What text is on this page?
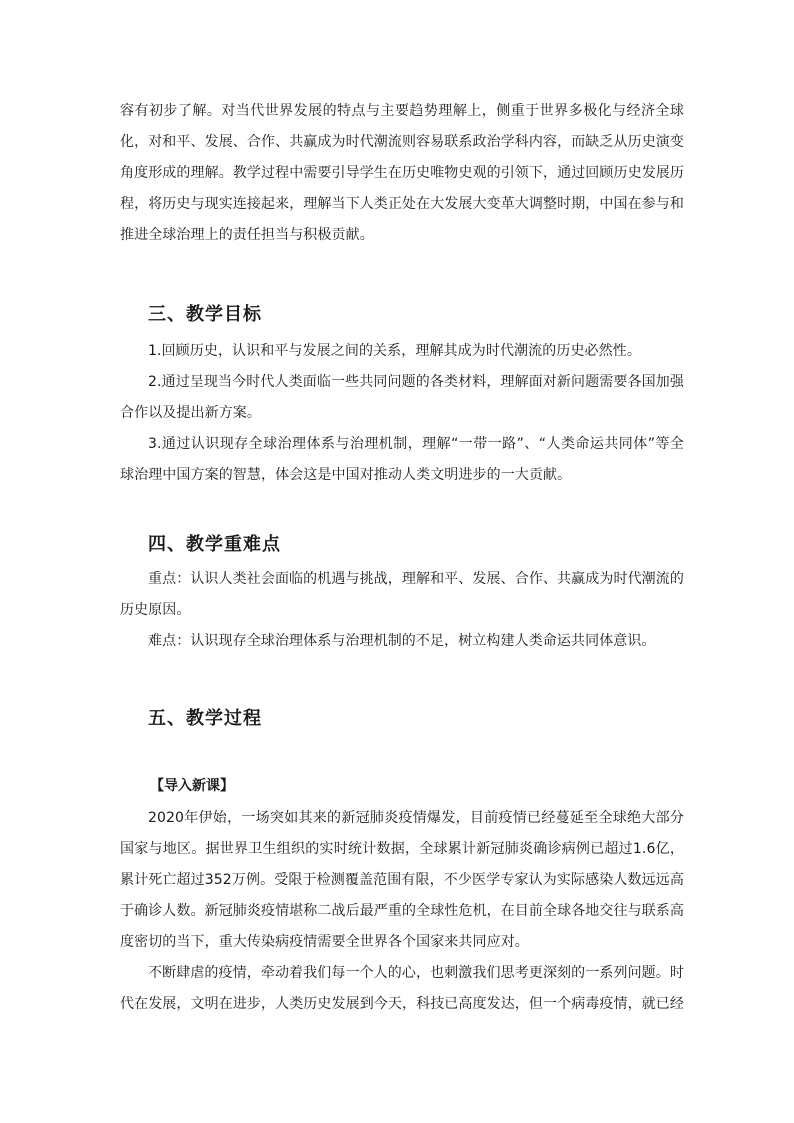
容有初步了解。对当代世界发展的特点与主要趋势理解上，侧重于世界多极化与经济全球化，对和平、发展、合作、共赢成为时代潮流则容易联系政治学科内容，而缺乏从历史演变角度形成的理解。教学过程中需要引导学生在历史唯物史观的引领下，通过回顾历史发展历程，将历史与现实连接起来，理解当下人类正处在大发展大变革大调整时期，中国在参与和推进全球治理上的责任担当与积极贡献。

三、教学目标

1.回顾历史，认识和平与发展之间的关系，理解其成为时代潮流的历史必然性。

2.通过呈现当今时代人类面临一些共同问题的各类材料，理解面对新问题需要各国加强合作以及提出新方案。

3.通过认识现存全球治理体系与治理机制，理解“一带一路”、“人类命运共同体”等全球治理中国方案的智慧，体会这是中国对推动人类文明进步的一大贡献。

四、教学重难点

重点：认识人类社会面临的机遇与挑战，理解和平、发展、合作、共赢成为时代潮流的历史原因。

难点：认识现存全球治理体系与治理机制的不足，树立构建人类命运共同体意识。

五、教学过程

【导入新课】

2020年伊始，一场突如其来的新冠肺炎疫情爆发，目前疫情已经蔓延至全球绝大部分国家与地区。据世界卫生组织的实时统计数据，全球累计新冠肺炎确诊病例已超过1.6亿，累计死亡超过352万例。受限于检测覆盖范围有限，不少医学专家认为实际感染人数远远高于确诊人数。新冠肺炎疫情堪称二战后最严重的全球性危机，在目前全球各地交往与联系高度密切的当下，重大传染病疫情需要全世界各个国家来共同应对。

不断肆虐的疫情，牵动着我们每一个人的心，也刺激我们思考更深刻的一系列问题。时代在发展，文明在进步，人类历史发展到今天，科技已高度发达，但一个病毒疫情，就已经
